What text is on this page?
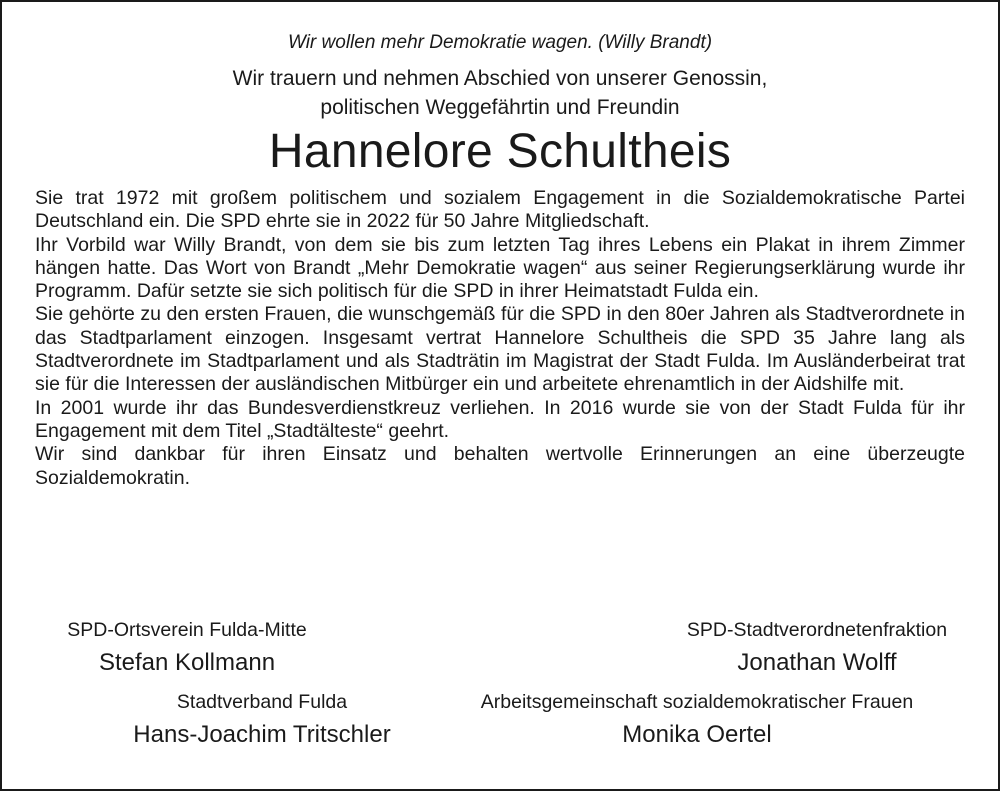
Wir wollen mehr Demokratie wagen. (Willy Brandt)
Wir trauern und nehmen Abschied von unserer Genossin,
politischen Weggefährtin und Freundin
Hannelore Schultheis

Sie trat 1972 mit großem politischem und sozialem Engagement in die Sozialdemokratische Partei Deutschland ein. Die SPD ehrte sie in 2022 für 50 Jahre Mitgliedschaft.

Ihr Vorbild war Willy Brandt, von dem sie bis zum letzten Tag ihres Lebens ein Plakat in ihrem Zimmer hängen hatte. Das Wort von Brandt „Mehr Demokratie wagen“ aus seiner Regierungserklärung wurde ihr Programm. Dafür setzte sie sich politisch für die SPD in ihrer Heimatstadt Fulda ein.

Sie gehörte zu den ersten Frauen, die wunschgemäß für die SPD in den 80er Jahren als Stadtverordnete in das Stadtparlament einzogen. Insgesamt vertrat Hannelore Schultheis die SPD 35 Jahre lang als Stadtverordnete im Stadtparlament und als Stadträtin im Magistrat der Stadt Fulda. Im Ausländerbeirat trat sie für die Interessen der ausländischen Mitbürger ein und arbeitete ehrenamtlich in der Aidshilfe mit.

In 2001 wurde ihr das Bundesverdienstkreuz verliehen. In 2016 wurde sie von der Stadt Fulda für ihr Engagement mit dem Titel „Stadtälteste“ geehrt.

Wir sind dankbar für ihren Einsatz und behalten wertvolle Erinnerungen an eine überzeugte Sozialdemokratin.

SPD-Ortsverein Fulda-Mitte
Stefan Kollmann
SPD-Stadtverordnetenfraktion
Jonathan Wolff
Stadtverband Fulda
Hans-Joachim Tritschler
Arbeitsgemeinschaft sozialdemokratischer Frauen
Monika Oertel
